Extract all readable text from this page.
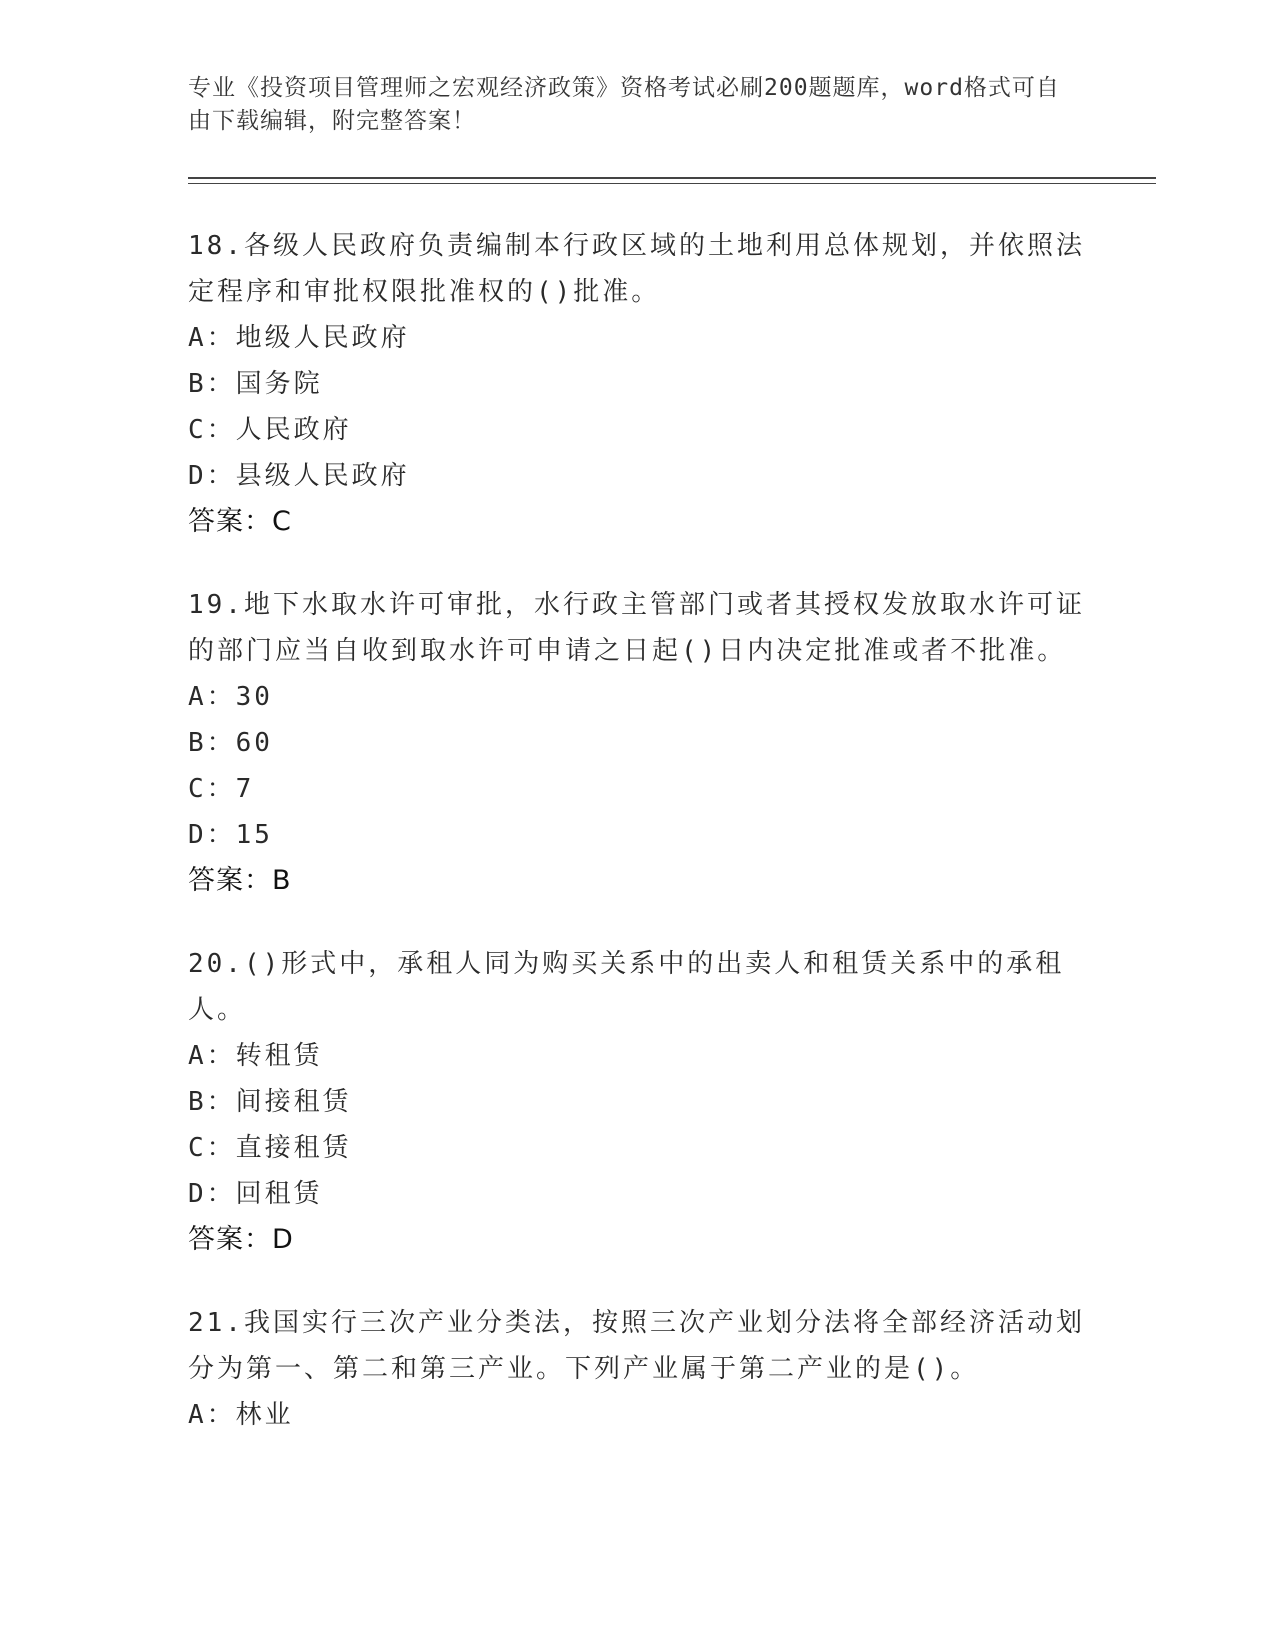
专业《投资项目管理师之宏观经济政策》资格考试必刷200题题库，word格式可自由下载编辑，附完整答案！
18.各级人民政府负责编制本行政区域的土地利用总体规划，并依照法定程序和审批权限批准权的()批准。
A：地级人民政府
B：国务院
C：人民政府
D：县级人民政府
答案：C
19.地下水取水许可审批，水行政主管部门或者其授权发放取水许可证的部门应当自收到取水许可申请之日起()日内决定批准或者不批准。
A：30
B：60
C：7
D：15
答案：B
20.()形式中，承租人同为购买关系中的出卖人和租赁关系中的承租人。
A：转租赁
B：间接租赁
C：直接租赁
D：回租赁
答案：D
21.我国实行三次产业分类法，按照三次产业划分法将全部经济活动划分为第一、第二和第三产业。下列产业属于第二产业的是()。
A：林业
